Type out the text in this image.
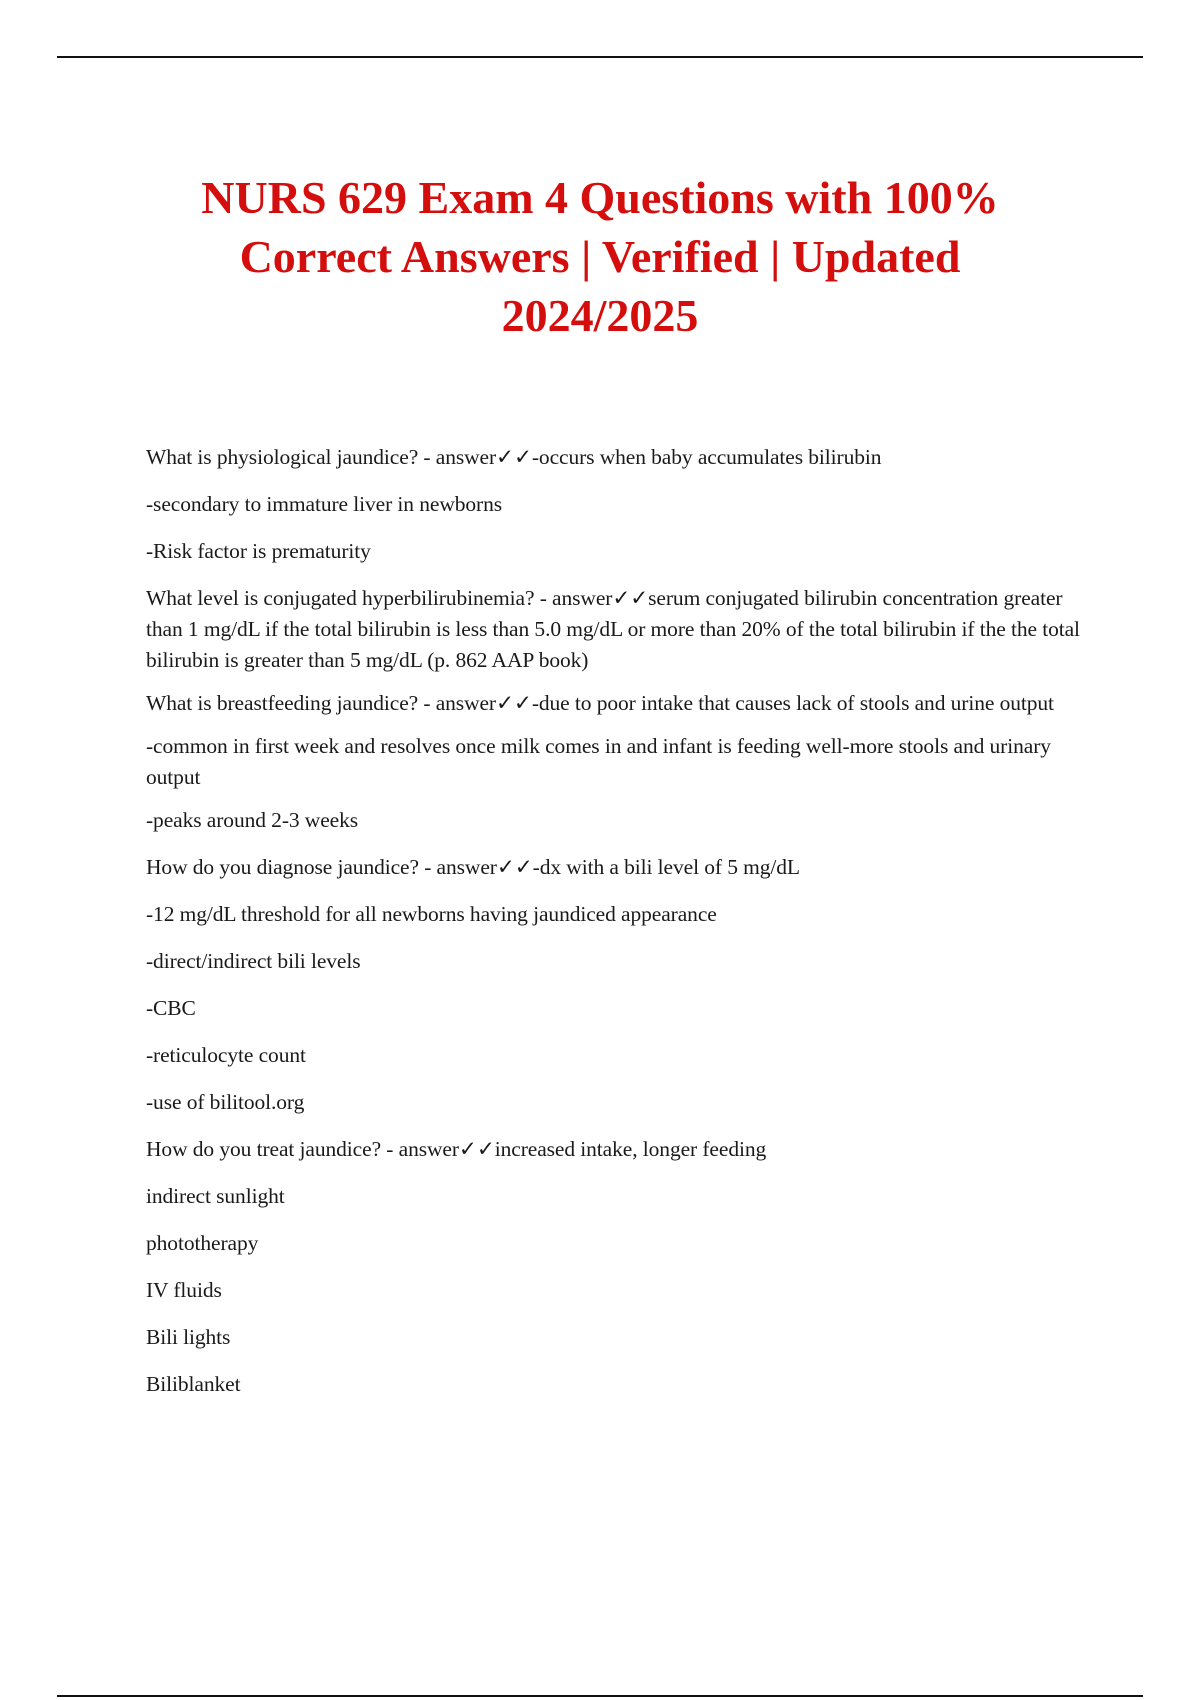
NURS 629 Exam 4 Questions with 100% Correct Answers | Verified | Updated 2024/2025

What is physiological jaundice? - answer✓✓-occurs when baby accumulates bilirubin

-secondary to immature liver in newborns

-Risk factor is prematurity

What level is conjugated hyperbilirubinemia? - answer✓✓serum conjugated bilirubin concentration greater than 1 mg/dL if the total bilirubin is less than 5.0 mg/dL or more than 20% of the total bilirubin if the the total bilirubin is greater than 5 mg/dL (p. 862 AAP book)

What is breastfeeding jaundice? - answer✓✓-due to poor intake that causes lack of stools and urine output

-common in first week and resolves once milk comes in and infant is feeding well-more stools and urinary output

-peaks around 2-3 weeks

How do you diagnose jaundice? - answer✓✓-dx with a bili level of 5 mg/dL

-12 mg/dL threshold for all newborns having jaundiced appearance

-direct/indirect bili levels

-CBC

-reticulocyte count

-use of bilitool.org

How do you treat jaundice? - answer✓✓increased intake, longer feeding

indirect sunlight

phototherapy

IV fluids

Bili lights

Biliblanket
